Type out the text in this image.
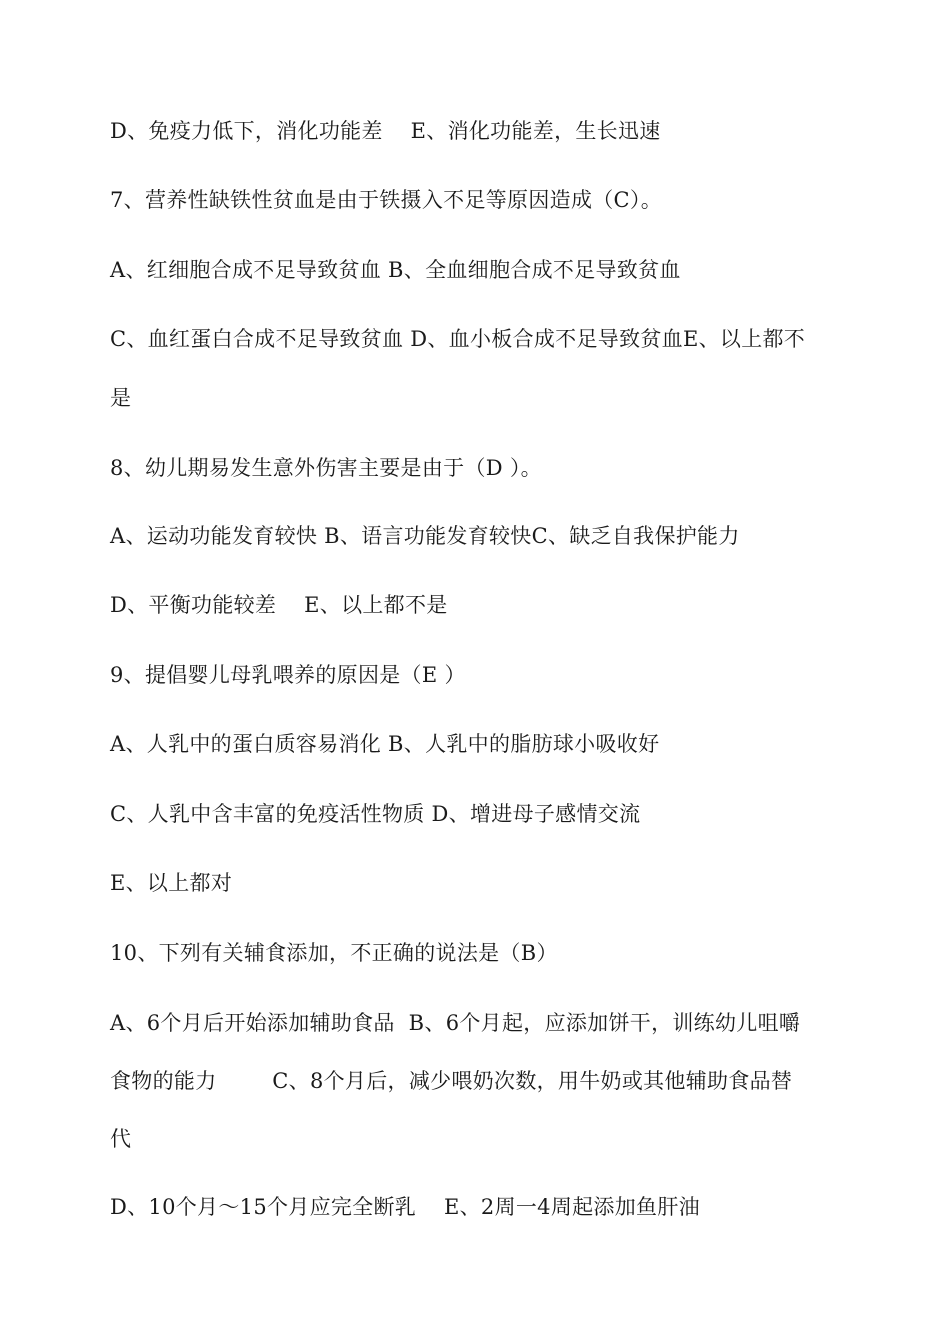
D、免疫力低下，消化功能差    E、消化功能差，生长迅速
7、营养性缺铁性贫血是由于铁摄入不足等原因造成（C）。
A、红细胞合成不足导致贫血 B、全血细胞合成不足导致贫血
C、血红蛋白合成不足导致贫血 D、血小板合成不足导致贫血E、以上都不
是
8、幼儿期易发生意外伤害主要是由于（D ）。
A、运动功能发育较快 B、语言功能发育较快C、缺乏自我保护能力
D、平衡功能较差    E、以上都不是
9、提倡婴儿母乳喂养的原因是（E ）
A、人乳中的蛋白质容易消化 B、人乳中的脂肪球小吸收好
C、人乳中含丰富的免疫活性物质 D、增进母子感情交流
E、以上都对
10、下列有关辅食添加，不正确的说法是（B）
A、6个月后开始添加辅助食品  B、6个月起，应添加饼干，训练幼儿咀嚼
食物的能力        C、8个月后，减少喂奶次数，用牛奶或其他辅助食品替
代
D、10个月～15个月应完全断乳    E、2周一4周起添加鱼肝油
